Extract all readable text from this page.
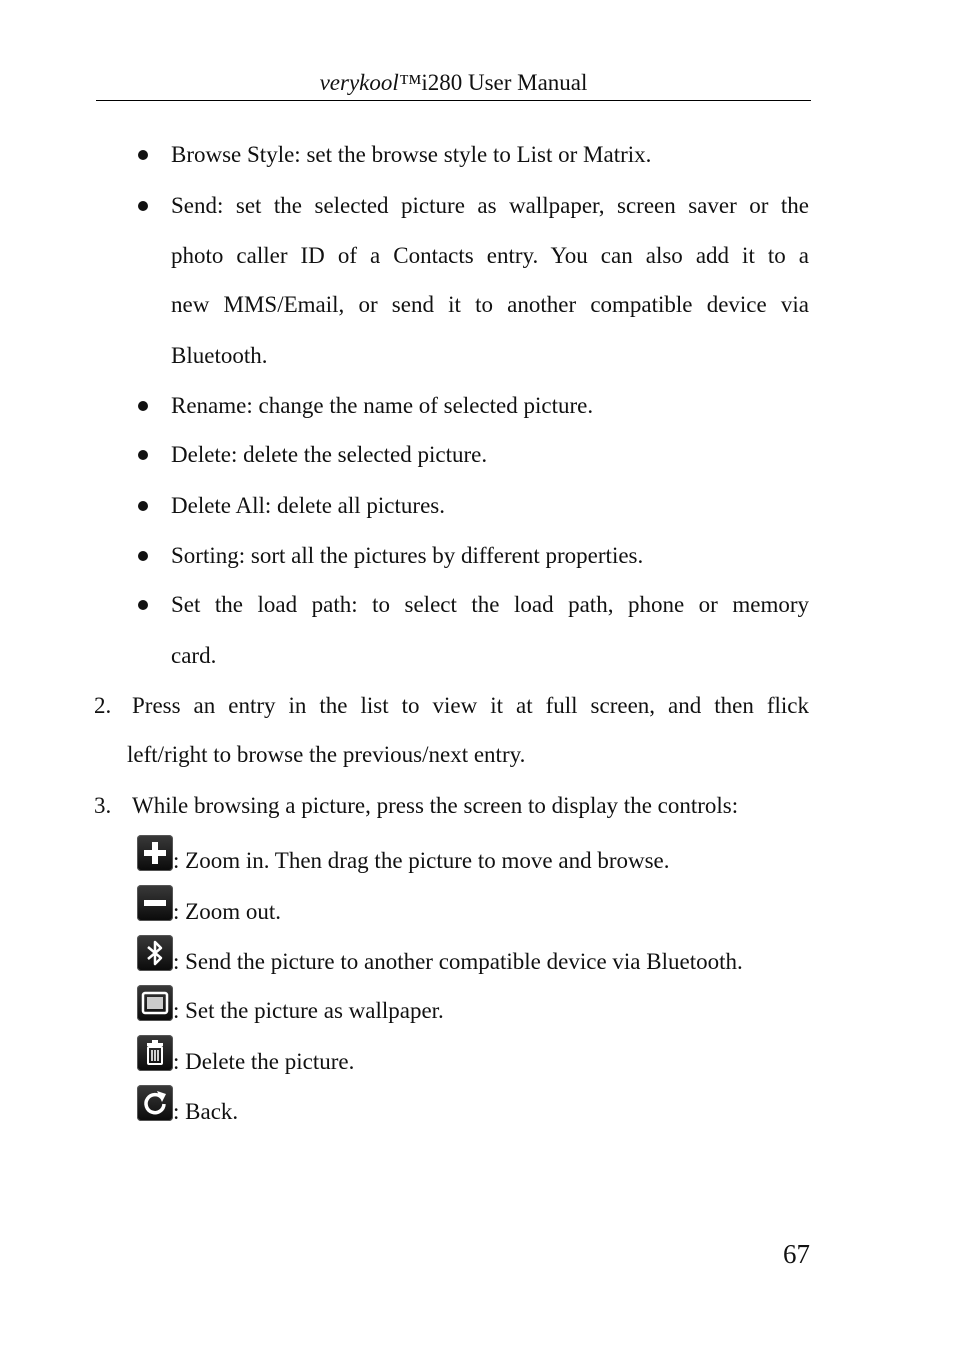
verykool™i280 User Manual
Browse Style: set the browse style to List or Matrix.
Send: set the selected picture as wallpaper, screen saver or the
photo caller ID of a Contacts entry. You can also add it to a
new MMS/Email, or send it to another compatible device via
Bluetooth.
Rename: change the name of selected picture.
Delete: delete the selected picture.
Delete All: delete all pictures.
Sorting: sort all the pictures by different properties.
Set the load path: to select the load path, phone or memory
card.
2. Press an entry in the list to view it at full screen, and then flick
left/right to browse the previous/next entry.
3. While browsing a picture, press the screen to display the controls:
: Zoom in. Then drag the picture to move and browse.
: Zoom out.
: Send the picture to another compatible device via Bluetooth.
: Set the picture as wallpaper.
: Delete the picture.
: Back.
67
